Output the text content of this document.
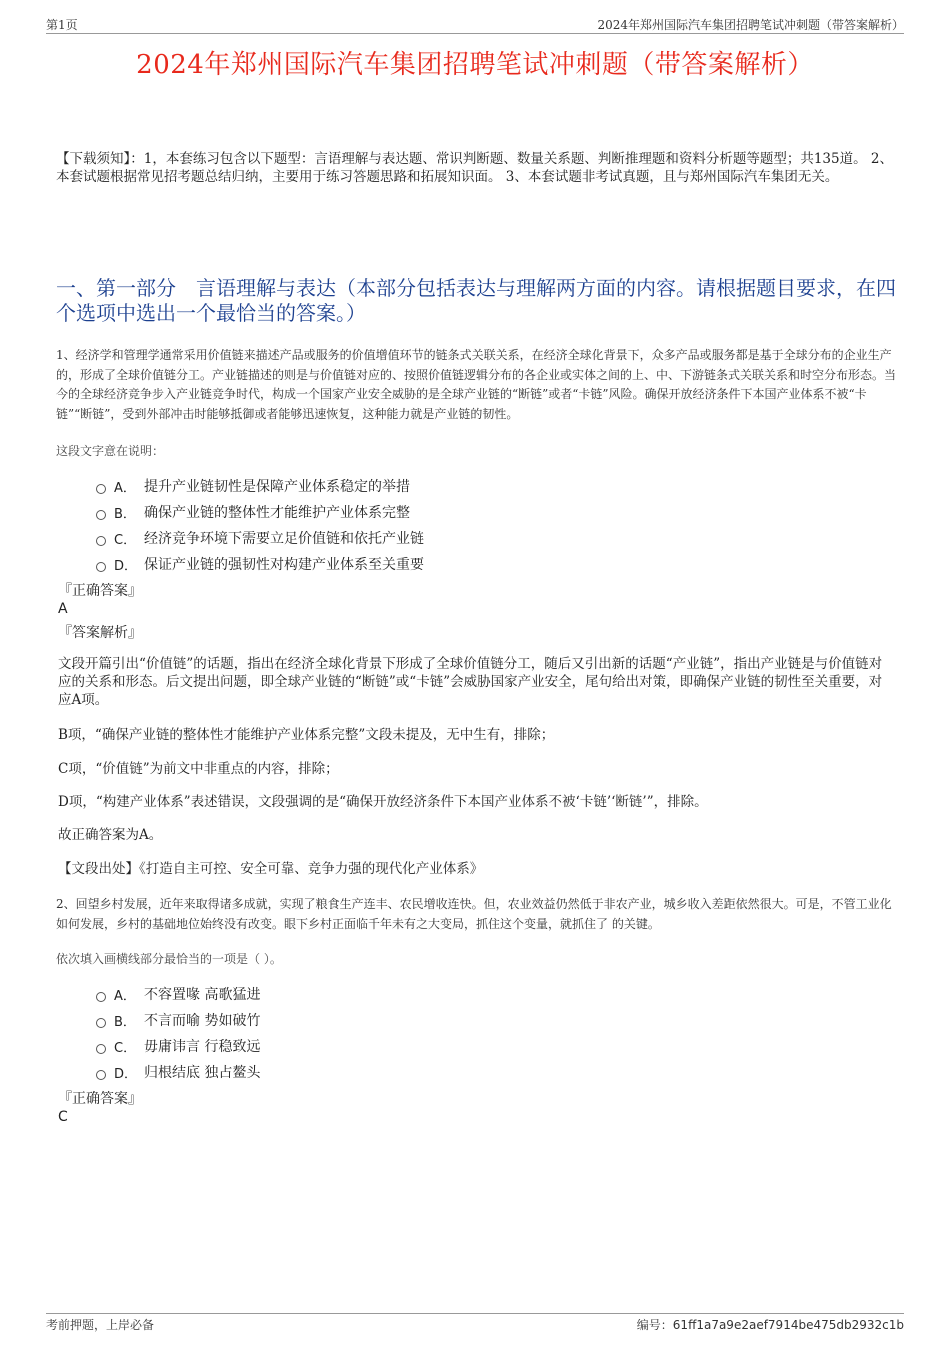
第1页	2024年郑州国际汽车集团招聘笔试冲刺题（带答案解析）
2024年郑州国际汽车集团招聘笔试冲刺题（带答案解析）
【下载须知】：1，本套练习包含以下题型：言语理解与表达题、常识判断题、数量关系题、判断推理题和资料分析题等题型；共135道。 2、本套试题根据常见招考题总结归纳，主要用于练习答题思路和拓展知识面。 3、本套试题非考试真题，且与郑州国际汽车集团无关。
一、第一部分　言语理解与表达（本部分包括表达与理解两方面的内容。请根据题目要求，在四个选项中选出一个最恰当的答案。）
1、经济学和管理学通常采用价值链来描述产品或服务的价值增值环节的链条式关联关系，在经济全球化背景下，众多产品或服务都是基于全球分布的企业生产的，形成了全球价值链分工。产业链描述的则是与价值链对应的、按照价值链逻辑分布的各企业或实体之间的上、中、下游链条式关联关系和时空分布形态。当今的全球经济竞争步入产业链竞争时代，构成一个国家产业安全威胁的是全球产业链的“断链”或者“卡链”风险。确保开放经济条件下本国产业体系不被“卡链”“断链”，受到外部冲击时能够抵御或者能够迅速恢复，这种能力就是产业链的韧性。
这段文字意在说明：
A． 提升产业链韧性是保障产业体系稳定的举措
B． 确保产业链的整体性才能维护产业体系完整
C． 经济竞争环境下需要立足价值链和依托产业链
D． 保证产业链的强韧性对构建产业体系至关重要
『正确答案』
A
『答案解析』
文段开篇引出“价值链”的话题，指出在经济全球化背景下形成了全球价值链分工，随后又引出新的话题“产业链”，指出产业链是与价值链对应的关系和形态。后文提出问题，即全球产业链的“断链”或“卡链”会威胁国家产业安全，尾句给出对策，即确保产业链的韧性至关重要，对应A项。
B项，“确保产业链的整体性才能维护产业体系完整”文段未提及，无中生有，排除；
C项，“价值链”为前文中非重点的内容，排除；
D项，“构建产业体系”表述错误，文段强调的是“确保开放经济条件下本国产业体系不被‘卡链’‘断链’”，排除。
故正确答案为A。
【文段出处】《打造自主可控、安全可靠、竞争力强的现代化产业体系》
2、回望乡村发展，近年来取得诸多成就，实现了粮食生产连丰、农民增收连快。但，农业效益仍然低于非农产业，城乡收入差距依然很大。可是，不管工业化如何发展，乡村的基础地位始终没有改变。眼下乡村正面临千年未有之大变局，抓住这个变量，就抓住了 的关键。
依次填入画横线部分最恰当的一项是（ ）。
A． 不容置喙 高歌猛进
B． 不言而喻 势如破竹
C． 毋庸讳言 行稳致远
D． 归根结底 独占鳌头
『正确答案』
C
考前押题，上岸必备	编号：61ff1a7a9e2aef7914be475db2932c1b
